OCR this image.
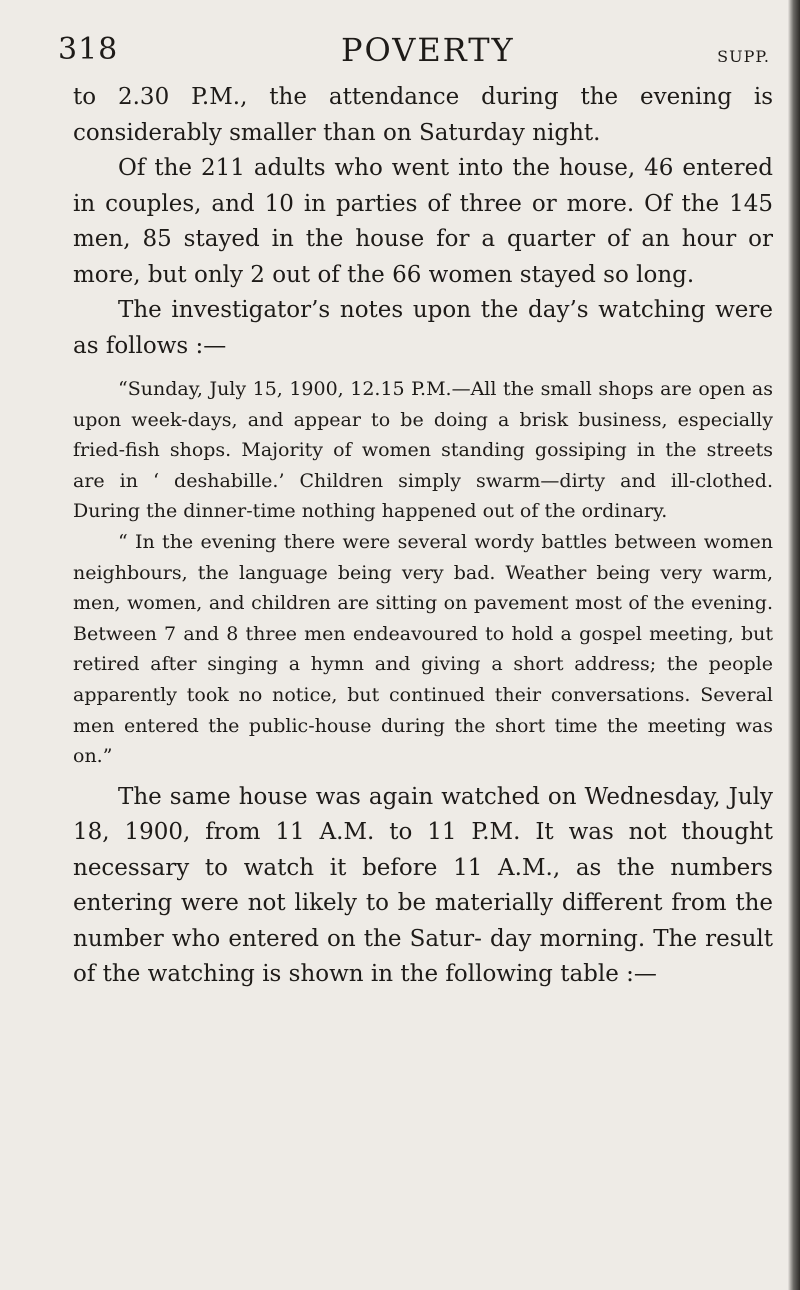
318	POVERTY	SUPP.

to 2.30 P.M., the attendance during the evening is considerably smaller than on Saturday night.

Of the 211 adults who went into the house, 46 entered in couples, and 10 in parties of three or more. Of the 145 men, 85 stayed in the house for a quarter of an hour or more, but only 2 out of the 66 women stayed so long.

The investigator’s notes upon the day’s watching were as follows :—

“Sunday, July 15, 1900, 12.15 P.M.—All the small shops are open as upon week-days, and appear to be doing a brisk business, especially fried-fish shops. Majority of women standing gossiping in the streets are in ‘ deshabille.’ Children simply swarm—dirty and ill-clothed. During the dinner-time nothing happened out of the ordinary.

“ In the evening there were several wordy battles between women neighbours, the language being very bad. Weather being very warm, men, women, and children are sitting on pavement most of the evening. Between 7 and 8 three men endeavoured to hold a gospel meeting, but retired after singing a hymn and giving a short address; the people apparently took no notice, but continued their conversations. Several men entered the public-house during the short time the meeting was on.”

The same house was again watched on Wednesday, July 18, 1900, from 11 A.M. to 11 P.M. It was not thought necessary to watch it before 11 A.M., as the numbers entering were not likely to be materially different from the number who entered on the Satur- day morning. The result of the watching is shown in the following table :—
